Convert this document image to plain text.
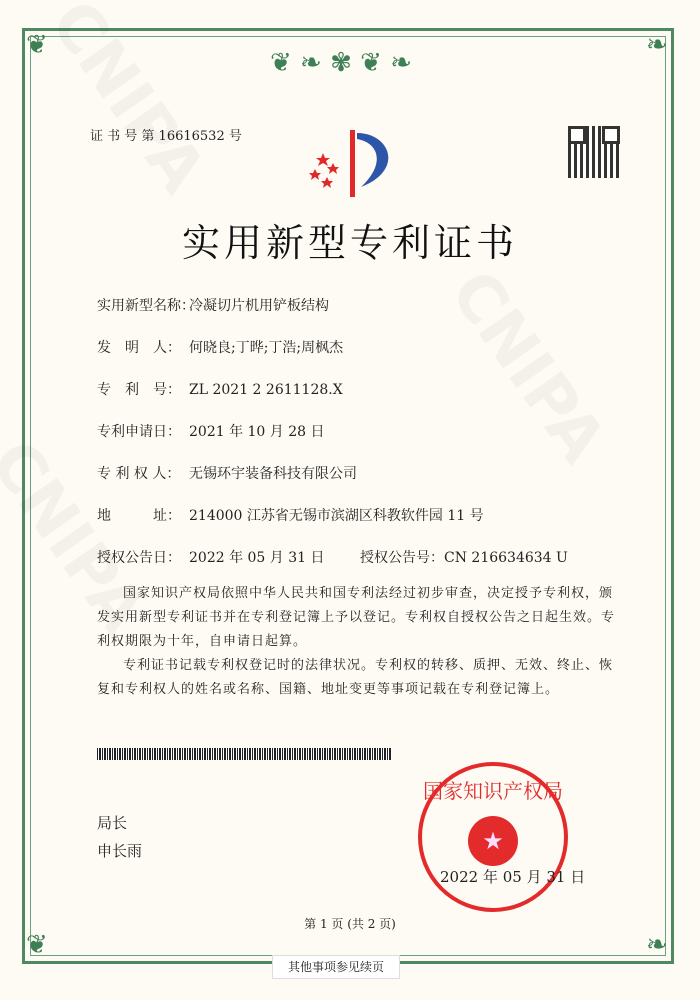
❦ ❧ ✾ ❦ ❧
❦	❧
❦	❧
证 书 号 第 16616532 号
实用新型专利证书
实用新型名称：冷凝切片机用铲板结构
发　明　人： 何晓良;丁晔;丁浩;周枫杰
专　利　号： ZL 2021 2 2611128.X
专利申请日： 2021 年 10 月 28 日
专 利 权 人： 无锡环宇装备科技有限公司
地　　　址： 214000 江苏省无锡市滨湖区科教软件园 11 号
授权公告日： 2022 年 05 月 31 日	授权公告号：CN 216634634 U
国家知识产权局依照中华人民共和国专利法经过初步审查，决定授予专利权，颁发实用新型专利证书并在专利登记簿上予以登记。专利权自授权公告之日起生效。专利权期限为十年，自申请日起算。
专利证书记载专利权登记时的法律状况。专利权的转移、质押、无效、终止、恢复和专利权人的姓名或名称、国籍、地址变更等事项记载在专利登记簿上。
局长
申长雨	★
国家知识产权局
2022 年 05 月 31 日
第 1 页 (共 2 页)
其他事项参见续页
